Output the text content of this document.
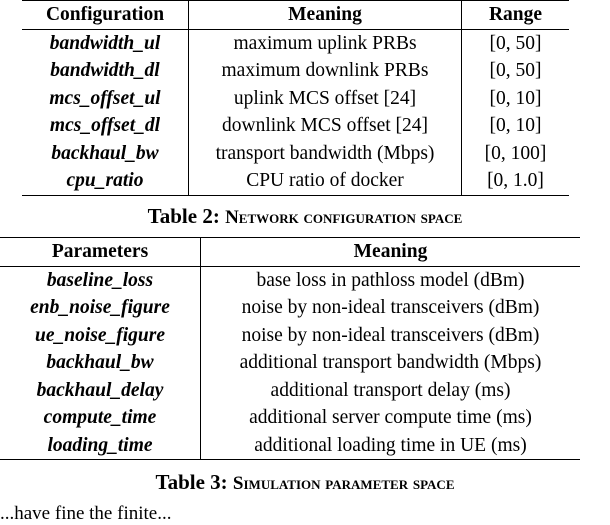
Configuration	Meaning	Range
bandwidth_ul	maximum uplink PRBs	[0, 50]
bandwidth_dl	maximum downlink PRBs	[0, 50]
mcs_offset_ul	uplink MCS offset [24]	[0, 10]
mcs_offset_dl	downlink MCS offset [24]	[0, 10]
backhaul_bw	transport bandwidth (Mbps)	[0, 100]
cpu_ratio	CPU ratio of docker	[0, 1.0]
Table 2: Network configuration space
Parameters	Meaning
baseline_loss	base loss in pathloss model (dBm)
enb_noise_figure	noise by non-ideal transceivers (dBm)
ue_noise_figure	noise by non-ideal transceivers (dBm)
backhaul_bw	additional transport bandwidth (Mbps)
backhaul_delay	additional transport delay (ms)
compute_time	additional server compute time (ms)
loading_time	additional loading time in UE (ms)
Table 3: Simulation parameter space
...have fine the finite...
